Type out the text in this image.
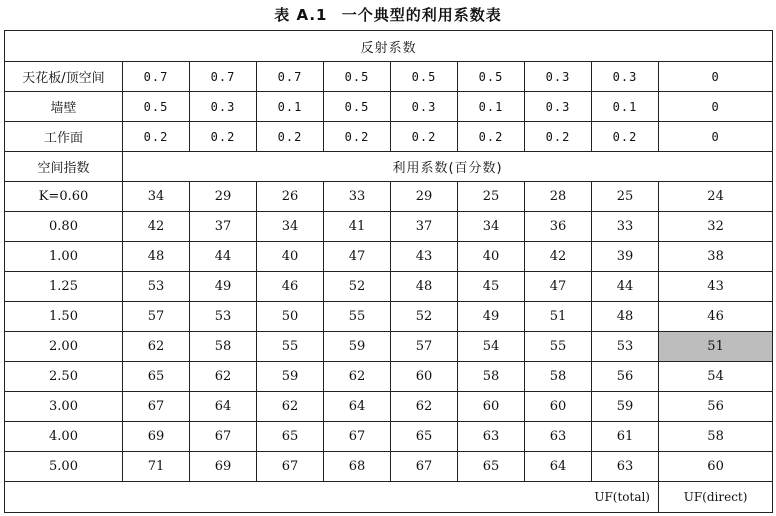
表 A.1 一个典型的利用系数表
反射系数									
天花板/顶空间	0.7	0.7	0.7	0.5	0.5	0.5	0.3	0.3	0
墙壁	0.5	0.3	0.1	0.5	0.3	0.1	0.3	0.1	0
工作面	0.2	0.2	0.2	0.2	0.2	0.2	0.2	0.2	0
空间指数	利用系数(百分数)								
K=0.60	34	29	26	33	29	25	28	25	24
0.80	42	37	34	41	37	34	36	33	32
1.00	48	44	40	47	43	40	42	39	38
1.25	53	49	46	52	48	45	47	44	43
1.50	57	53	50	55	52	49	51	48	46
2.00	62	58	55	59	57	54	55	53	51
2.50	65	62	59	62	60	58	58	56	54
3.00	67	64	62	64	62	60	60	59	56
4.00	69	67	65	67	65	63	63	61	58
5.00	71	69	67	68	67	65	64	63	60
UF(total)									UF(direct)
